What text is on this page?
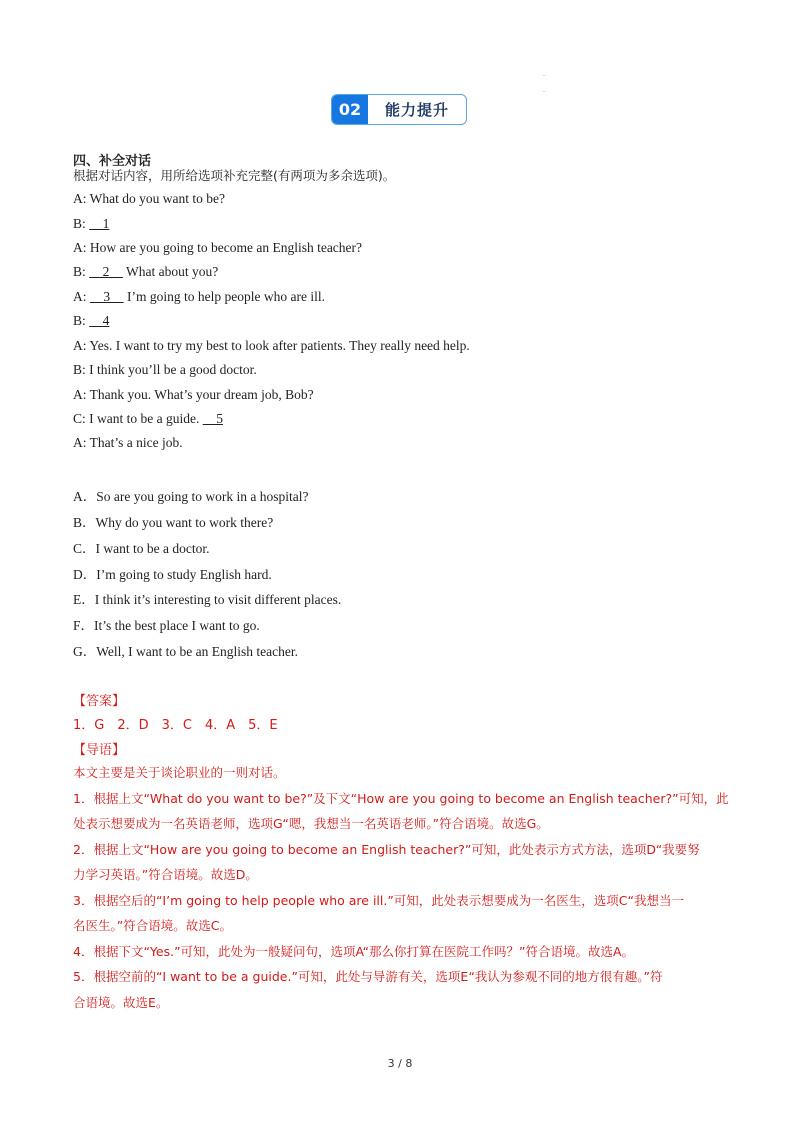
.
.
02	能力提升
四、补全对话
根据对话内容，用所给选项补充完整(有两项为多余选项)。
A: What do you want to be?
B:     1
A: How are you going to become an English teacher?
B:     2     What about you?
A:     3     I’m going to help people who are ill.
B:     4
A: Yes. I want to try my best to look after patients. They really need help.
B: I think you’ll be a good doctor.
A: Thank you. What’s your dream job, Bob?
C: I want to be a guide.     5
A: That’s a nice job.
A．So are you going to work in a hospital?
B．Why do you want to work there?
C．I want to be a doctor.
D．I’m going to study English hard.
E．I think it’s interesting to visit different places.
F．It’s the best place I want to go.
G．Well, I want to be an English teacher.
【答案】
1．G　2．D　3．C　4．A　5．E
【导语】
本文主要是关于谈论职业的一则对话。
1．根据上文“What do you want to be?”及下文“How are you going to become an English teacher?”可知，此
处表示想要成为一名英语老师，选项G“嗯，我想当一名英语老师。”符合语境。故选G。
2．根据上文“How are you going to become an English teacher?”可知，此处表示方式方法，选项D“我要努
力学习英语。”符合语境。故选D。
3．根据空后的“I’m going to help people who are ill.”可知，此处表示想要成为一名医生，选项C“我想当一
名医生。”符合语境。故选C。
4．根据下文“Yes.”可知，此处为一般疑问句，选项A“那么你打算在医院工作吗？”符合语境。故选A。
5．根据空前的“I want to be a guide.”可知，此处与导游有关，选项E“我认为参观不同的地方很有趣。”符
合语境。故选E。
3 / 8
